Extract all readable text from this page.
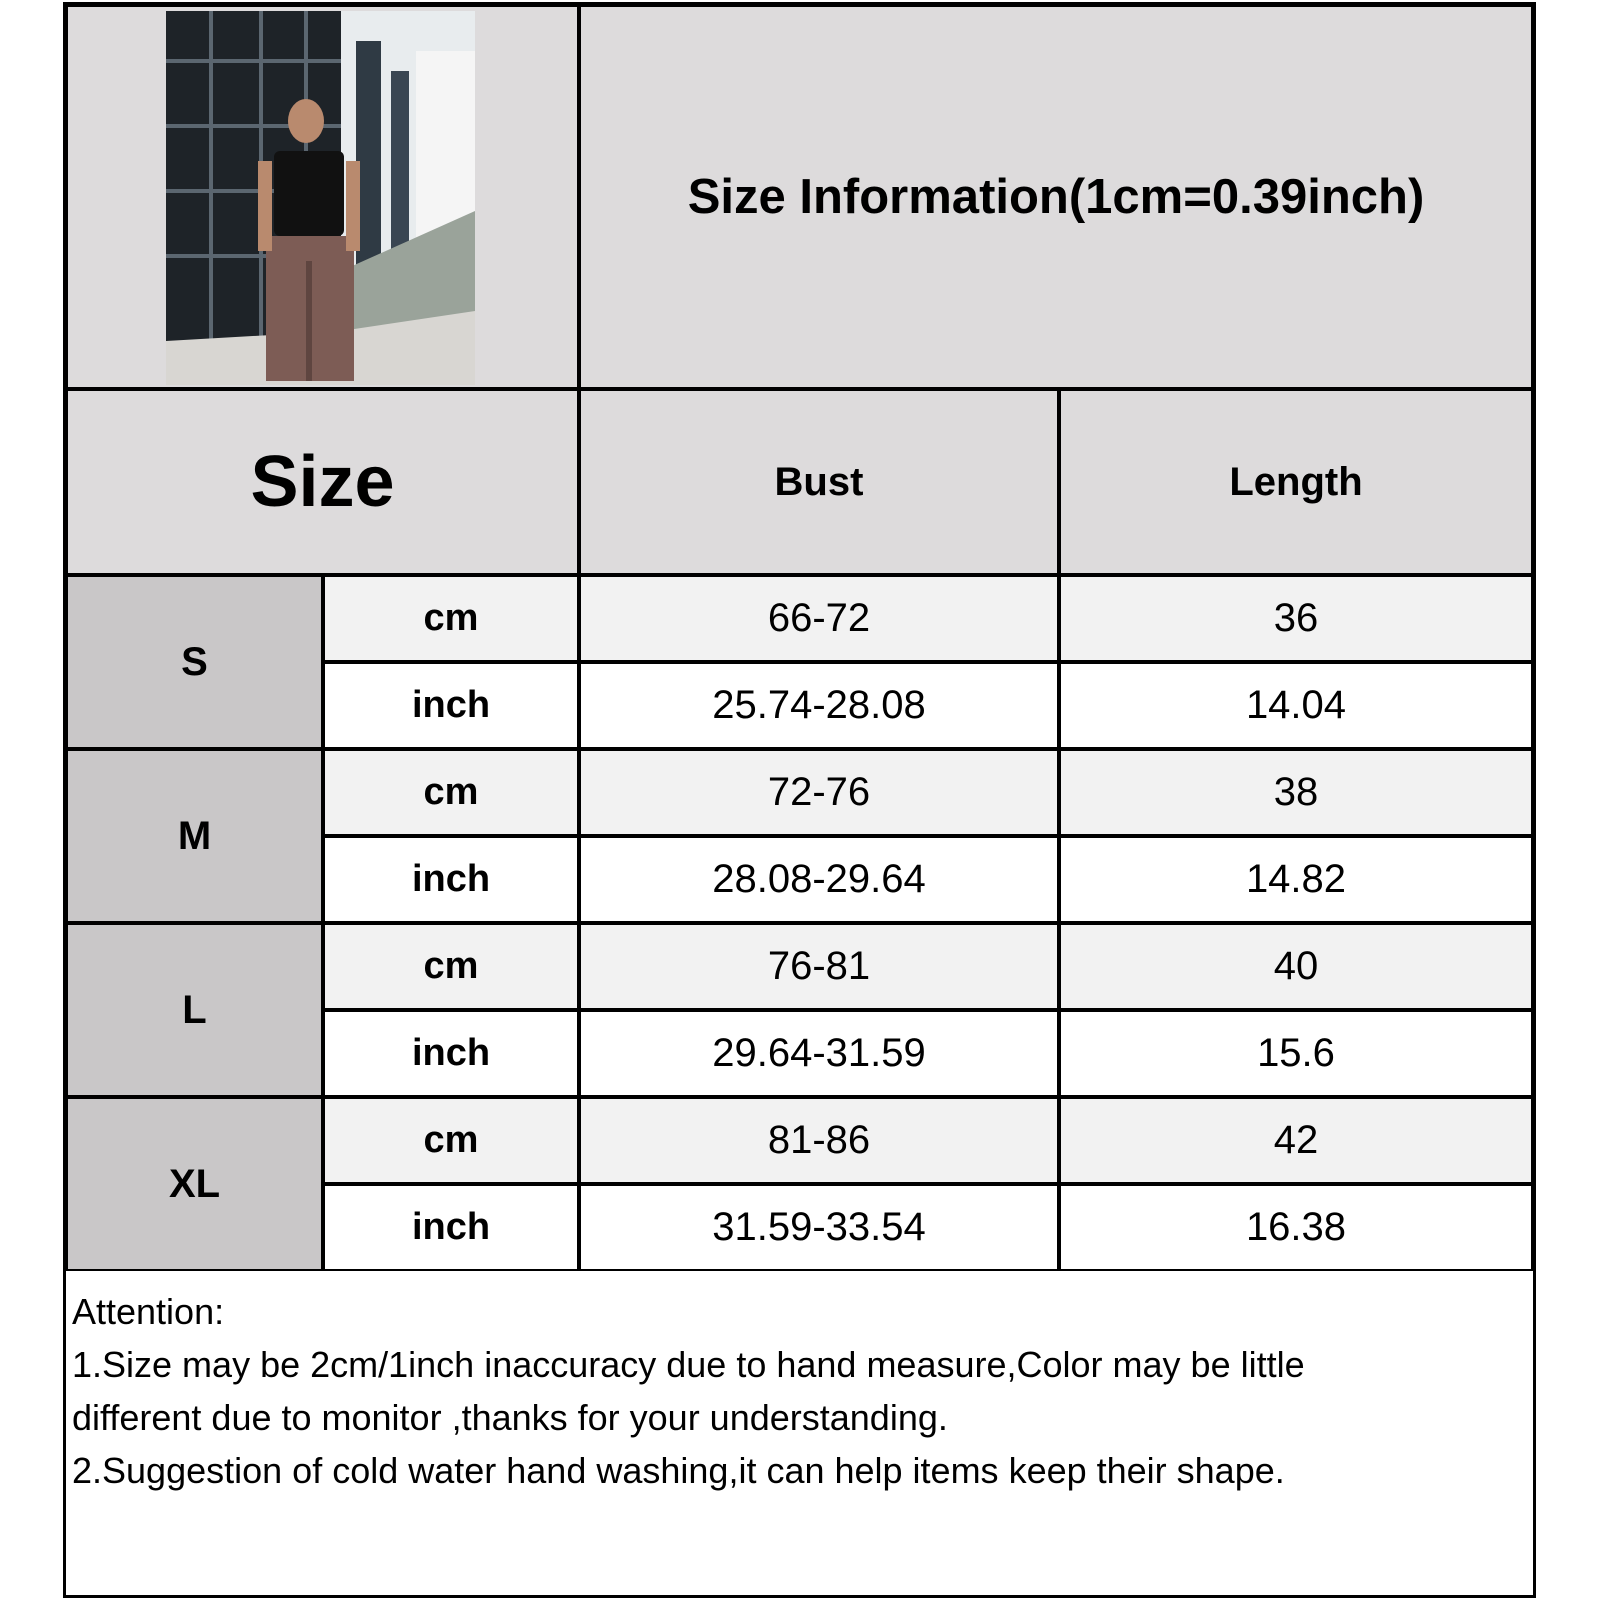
Size Information(1cm=0.39inch)
Size	Bust	Length
S
cm	66-72	36
inch	25.74-28.08	14.04
M
cm	72-76	38
inch	28.08-29.64	14.82
L
cm	76-81	40
inch	29.64-31.59	15.6
XL
cm	81-86	42
inch	31.59-33.54	16.38
Attention:
1.Size may be 2cm/1inch inaccuracy due to hand measure,Color may be little
different due to monitor ,thanks for your understanding.
2.Suggestion of cold water hand washing,it can help items keep their shape.
